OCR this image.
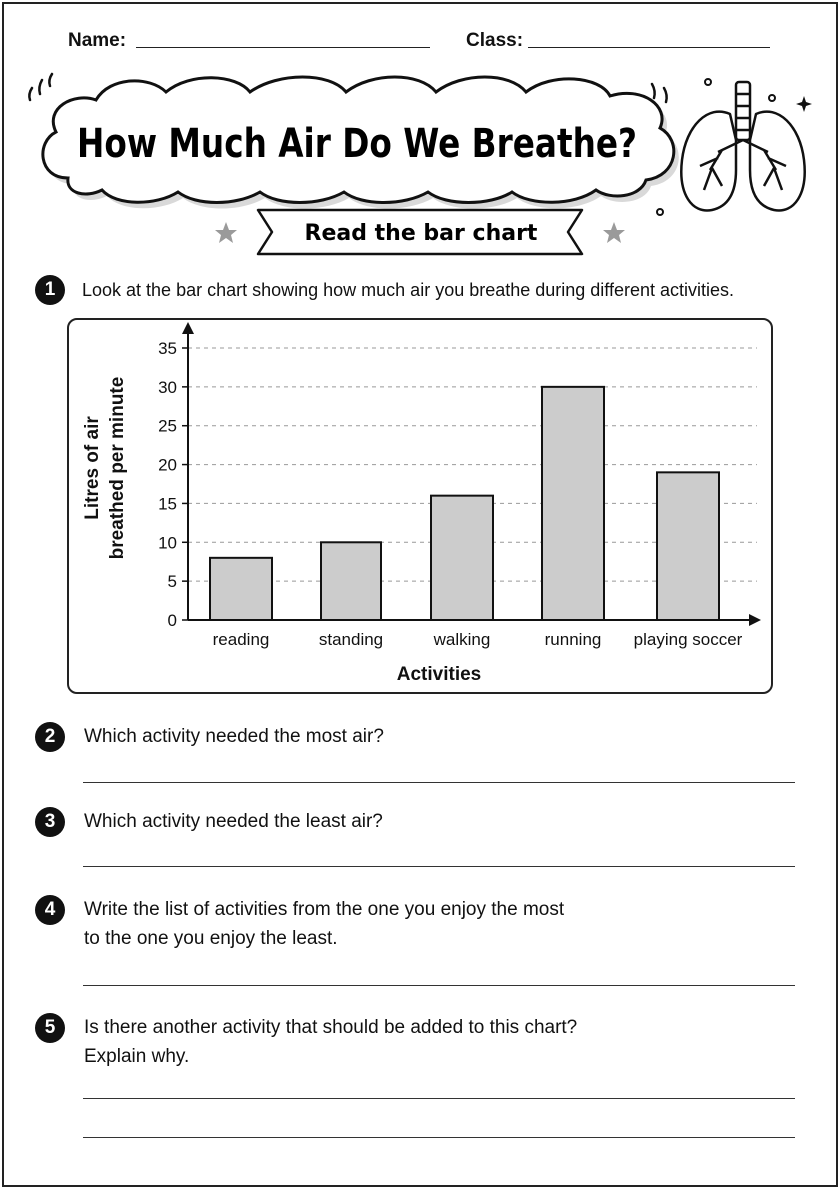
Name:	Class:
How Much Air Do We Breathe?
Read the bar chart
1	Look at the bar chart showing how much air you breathe during different activities.
0
5
10
15
20
25
30
35
reading	standing	walking	running playing soccer
Activities
Litres of air breathed per minute
2	Which activity needed the most air?
3	Which activity needed the least air?
4	Write the list of activities from the one you enjoy the most
to the one you enjoy the least.
5	Is there another activity that should be added to this chart?
Explain why.
